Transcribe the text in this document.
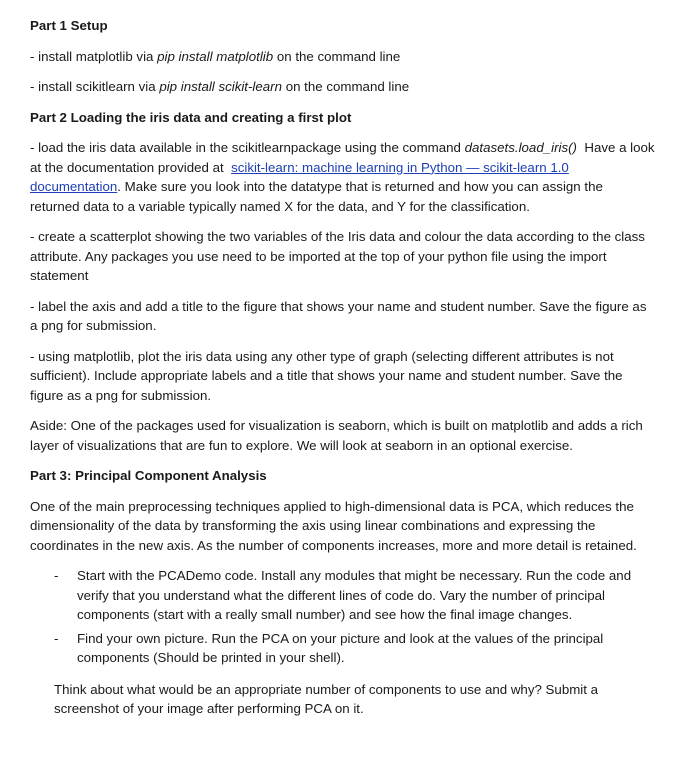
Part 1 Setup
- install matplotlib via pip install matplotlib on the command line
- install scikitlearn via pip install scikit-learn on the command line
Part 2 Loading the iris data and creating a first plot
- load the iris data available in the scikitlearnpackage using the command datasets.load_iris()  Have a look at the documentation provided at  scikit-learn: machine learning in Python — scikit-learn 1.0 documentation. Make sure you look into the datatype that is returned and how you can assign the returned data to a variable typically named X for the data, and Y for the classification.
- create a scatterplot showing the two variables of the Iris data and colour the data according to the class attribute. Any packages you use need to be imported at the top of your python file using the import statement
- label the axis and add a title to the figure that shows your name and student number. Save the figure as a png for submission.
- using matplotlib, plot the iris data using any other type of graph (selecting different attributes is not sufficient). Include appropriate labels and a title that shows your name and student number. Save the figure as a png for submission.
Aside: One of the packages used for visualization is seaborn, which is built on matplotlib and adds a rich layer of visualizations that are fun to explore. We will look at seaborn in an optional exercise.
Part 3: Principal Component Analysis
One of the main preprocessing techniques applied to high-dimensional data is PCA, which reduces the dimensionality of the data by transforming the axis using linear combinations and expressing the coordinates in the new axis. As the number of components increases, more and more detail is retained.
- Start with the PCADemo code. Install any modules that might be necessary. Run the code and verify that you understand what the different lines of code do. Vary the number of principal components (start with a really small number) and see how the final image changes.
- Find your own picture. Run the PCA on your picture and look at the values of the principal components (Should be printed in your shell).
Think about what would be an appropriate number of components to use and why? Submit a screenshot of your image after performing PCA on it.
